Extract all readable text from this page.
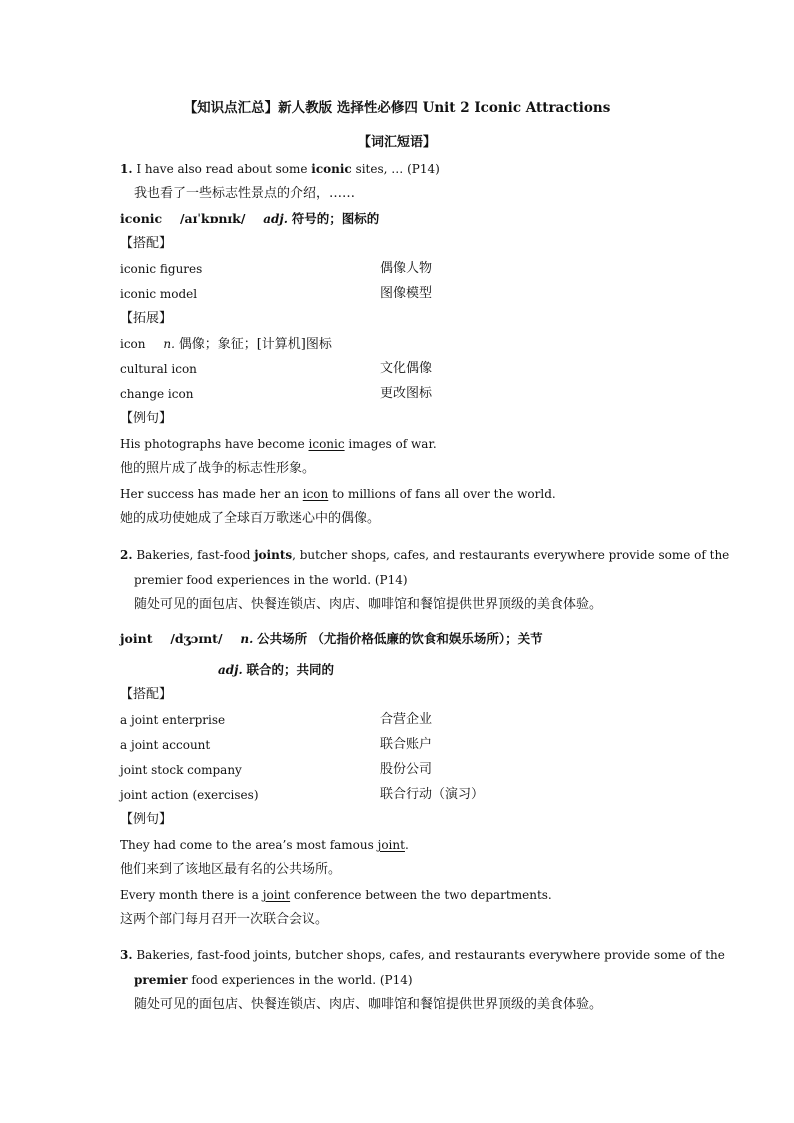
【知识点汇总】新人教版 选择性必修四 Unit 2 Iconic Attractions
【词汇短语】
1. I have also read about some iconic sites, … (P14)
我也看了一些标志性景点的介绍，……
iconic /aɪˈkɒnɪk/ adj. 符号的；图标的
【搭配】
iconic figures	偶像人物
iconic model	图像模型
【拓展】
icon n. 偶像；象征；[计算机]图标
cultural icon	文化偶像
change icon	更改图标
【例句】
His photographs have become iconic images of war.
他的照片成了战争的标志性形象。
Her success has made her an icon to millions of fans all over the world.
她的成功使她成了全球百万歌迷心中的偶像。
2. Bakeries, fast-food joints, butcher shops, cafes, and restaurants everywhere provide some of the
premier food experiences in the world. (P14)
随处可见的面包店、快餐连锁店、肉店、咖啡馆和餐馆提供世界顶级的美食体验。
joint /dʒɔɪnt/ n. 公共场所 （尤指价格低廉的饮食和娱乐场所）；关节
adj. 联合的；共同的
【搭配】
a joint enterprise	合营企业
a joint account	联合账户
joint stock company	股份公司
joint action (exercises)	联合行动（演习）
【例句】
They had come to the area’s most famous joint.
他们来到了该地区最有名的公共场所。
Every month there is a joint conference between the two departments.
这两个部门每月召开一次联合会议。
3. Bakeries, fast-food joints, butcher shops, cafes, and restaurants everywhere provide some of the
premier food experiences in the world. (P14)
随处可见的面包店、快餐连锁店、肉店、咖啡馆和餐馆提供世界顶级的美食体验。
